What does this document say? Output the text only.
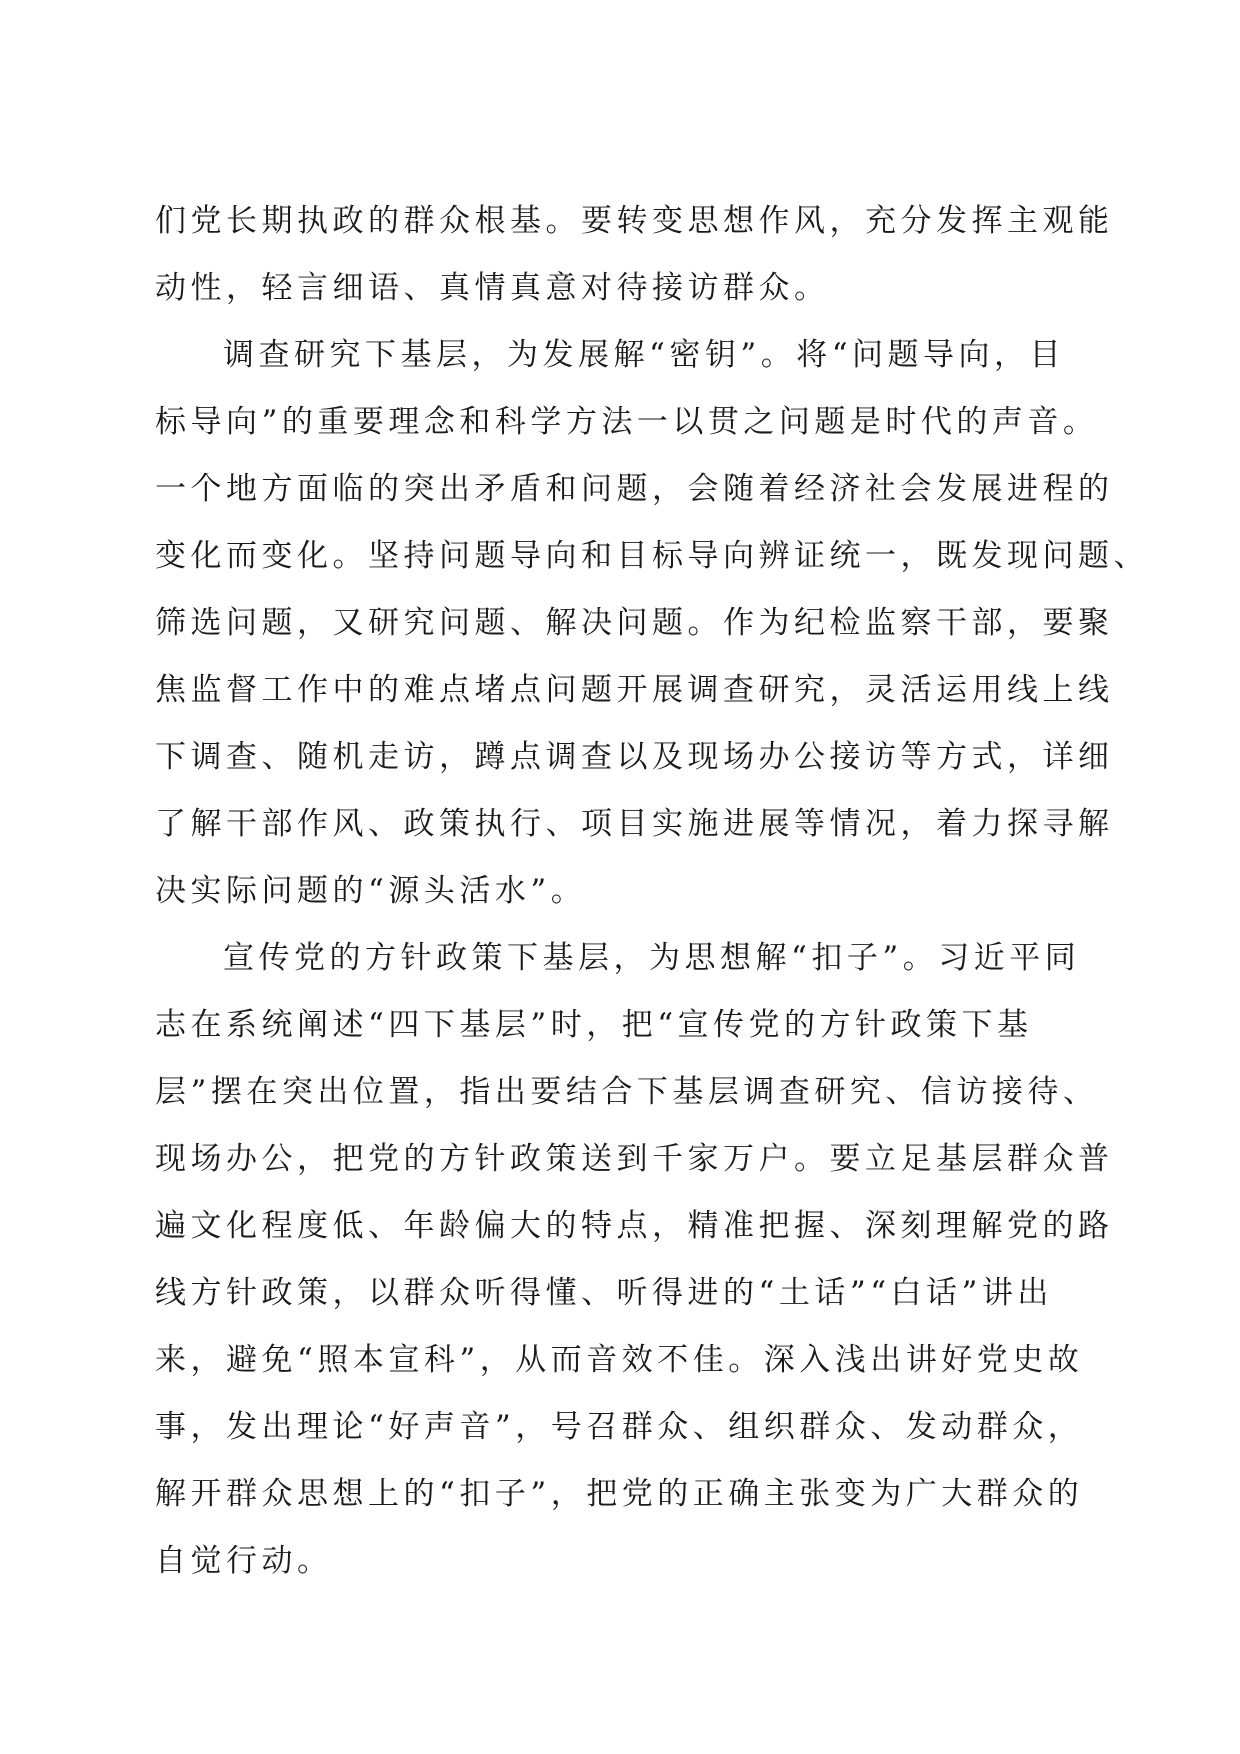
们党长期执政的群众根基。要转变思想作风，充分发挥主观能
动性，轻言细语、真情真意对待接访群众。
调查研究下基层，为发展解“密钥”。将“问题导向，目
标导向”的重要理念和科学方法一以贯之问题是时代的声音。
一个地方面临的突出矛盾和问题，会随着经济社会发展进程的
变化而变化。坚持问题导向和目标导向辨证统一，既发现问题、
筛选问题，又研究问题、解决问题。作为纪检监察干部，要聚
焦监督工作中的难点堵点问题开展调查研究，灵活运用线上线
下调查、随机走访，蹲点调查以及现场办公接访等方式，详细
了解干部作风、政策执行、项目实施进展等情况，着力探寻解
决实际问题的“源头活水”。
宣传党的方针政策下基层，为思想解“扣子”。习近平同
志在系统阐述“四下基层”时，把“宣传党的方针政策下基
层”摆在突出位置，指出要结合下基层调查研究、信访接待、
现场办公，把党的方针政策送到千家万户。要立足基层群众普
遍文化程度低、年龄偏大的特点，精准把握、深刻理解党的路
线方针政策，以群众听得懂、听得进的“土话”“白话”讲出
来，避免“照本宣科”，从而音效不佳。深入浅出讲好党史故
事，发出理论“好声音”，号召群众、组织群众、发动群众，
解开群众思想上的“扣子”，把党的正确主张变为广大群众的
自觉行动。
